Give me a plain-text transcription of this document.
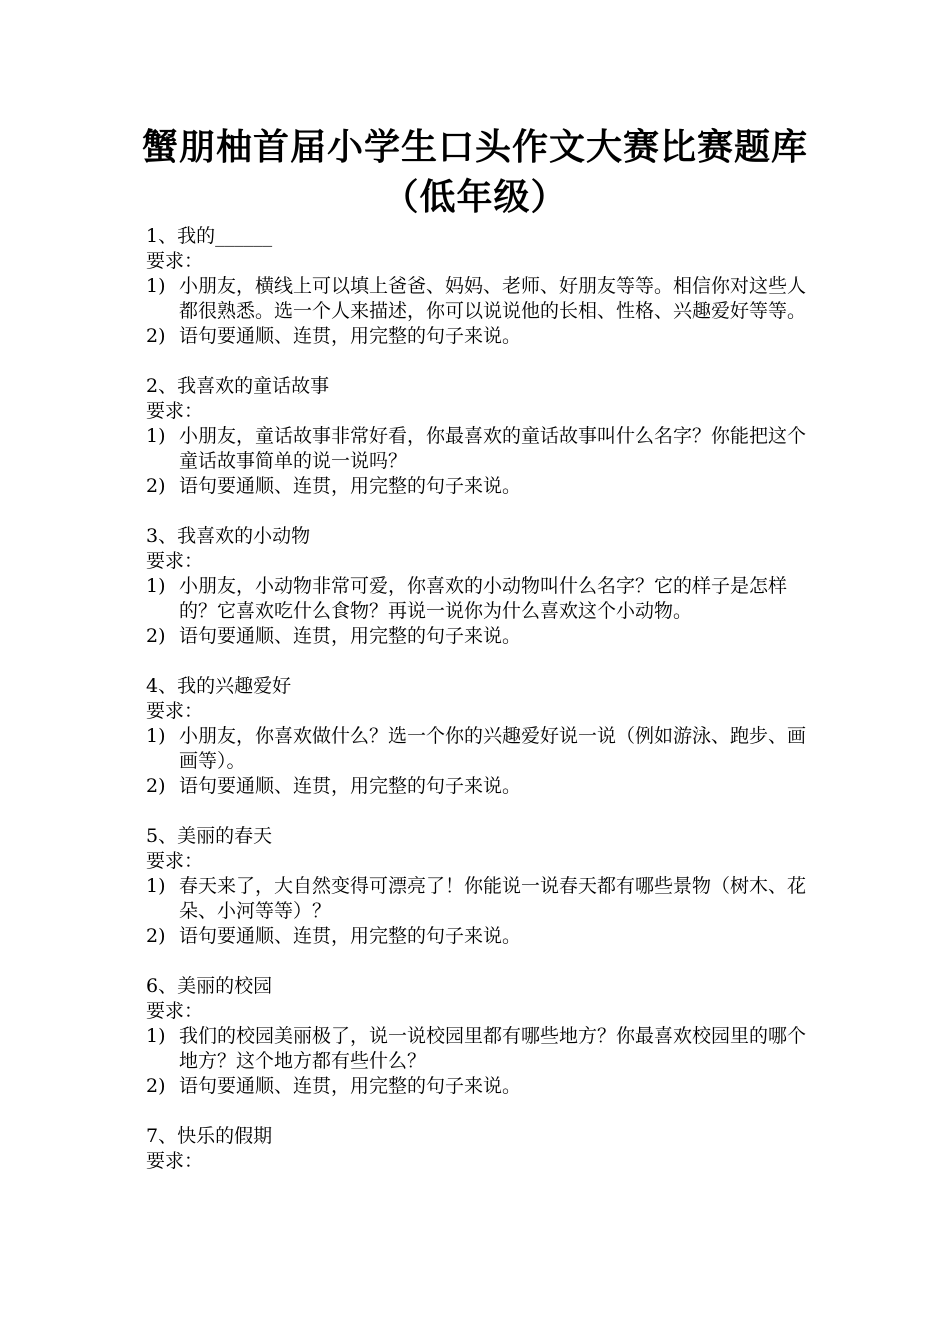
蟹朋柚首届小学生口头作文大赛比赛题库
（低年级）
1、我的______
要求：
1) 小朋友，横线上可以填上爸爸、妈妈、老师、好朋友等等。相信你对这些人都很熟悉。选一个人来描述，你可以说说他的长相、性格、兴趣爱好等等。
2) 语句要通顺、连贯，用完整的句子来说。
2、我喜欢的童话故事
要求：
1) 小朋友，童话故事非常好看，你最喜欢的童话故事叫什么名字？你能把这个童话故事简单的说一说吗？
2) 语句要通顺、连贯，用完整的句子来说。
3、我喜欢的小动物
要求：
1) 小朋友，小动物非常可爱，你喜欢的小动物叫什么名字？它的样子是怎样的？它喜欢吃什么食物？再说一说你为什么喜欢这个小动物。
2) 语句要通顺、连贯，用完整的句子来说。
4、我的兴趣爱好
要求：
1) 小朋友，你喜欢做什么？选一个你的兴趣爱好说一说（例如游泳、跑步、画画等）。
2) 语句要通顺、连贯，用完整的句子来说。
5、美丽的春天
要求：
1) 春天来了，大自然变得可漂亮了！你能说一说春天都有哪些景物（树木、花朵、小河等等）？
2) 语句要通顺、连贯，用完整的句子来说。
6、美丽的校园
要求：
1) 我们的校园美丽极了，说一说校园里都有哪些地方？你最喜欢校园里的哪个地方？这个地方都有些什么？
2) 语句要通顺、连贯，用完整的句子来说。
7、快乐的假期
要求：
